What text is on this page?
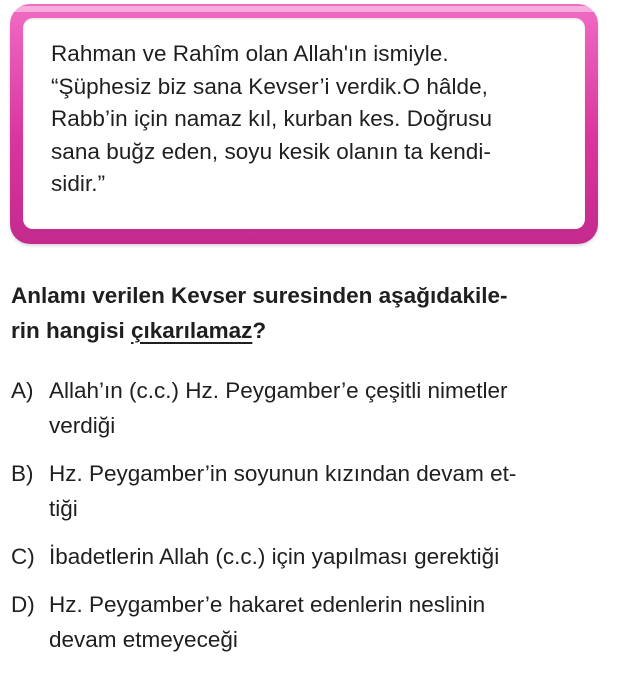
Rahman ve Rahîm olan Allah'ın ismiyle.
“Şüphesiz biz sana Kevser’i verdik.O hâlde,
Rabb’in için namaz kıl, kurban kes. Doğrusu
sana buğz eden, soyu kesik olanın ta kendi-
sidir.”
Anlamı verilen Kevser suresinden aşağıdakile-
rin hangisi çıkarılamaz?
A) Allah’ın (c.c.) Hz. Peygamber’e çeşitli nimetler
verdiği
B) Hz. Peygamber’in soyunun kızından devam et-
tiği
C) İbadetlerin Allah (c.c.) için yapılması gerektiği
D) Hz. Peygamber’e hakaret edenlerin neslinin
devam etmeyeceği
